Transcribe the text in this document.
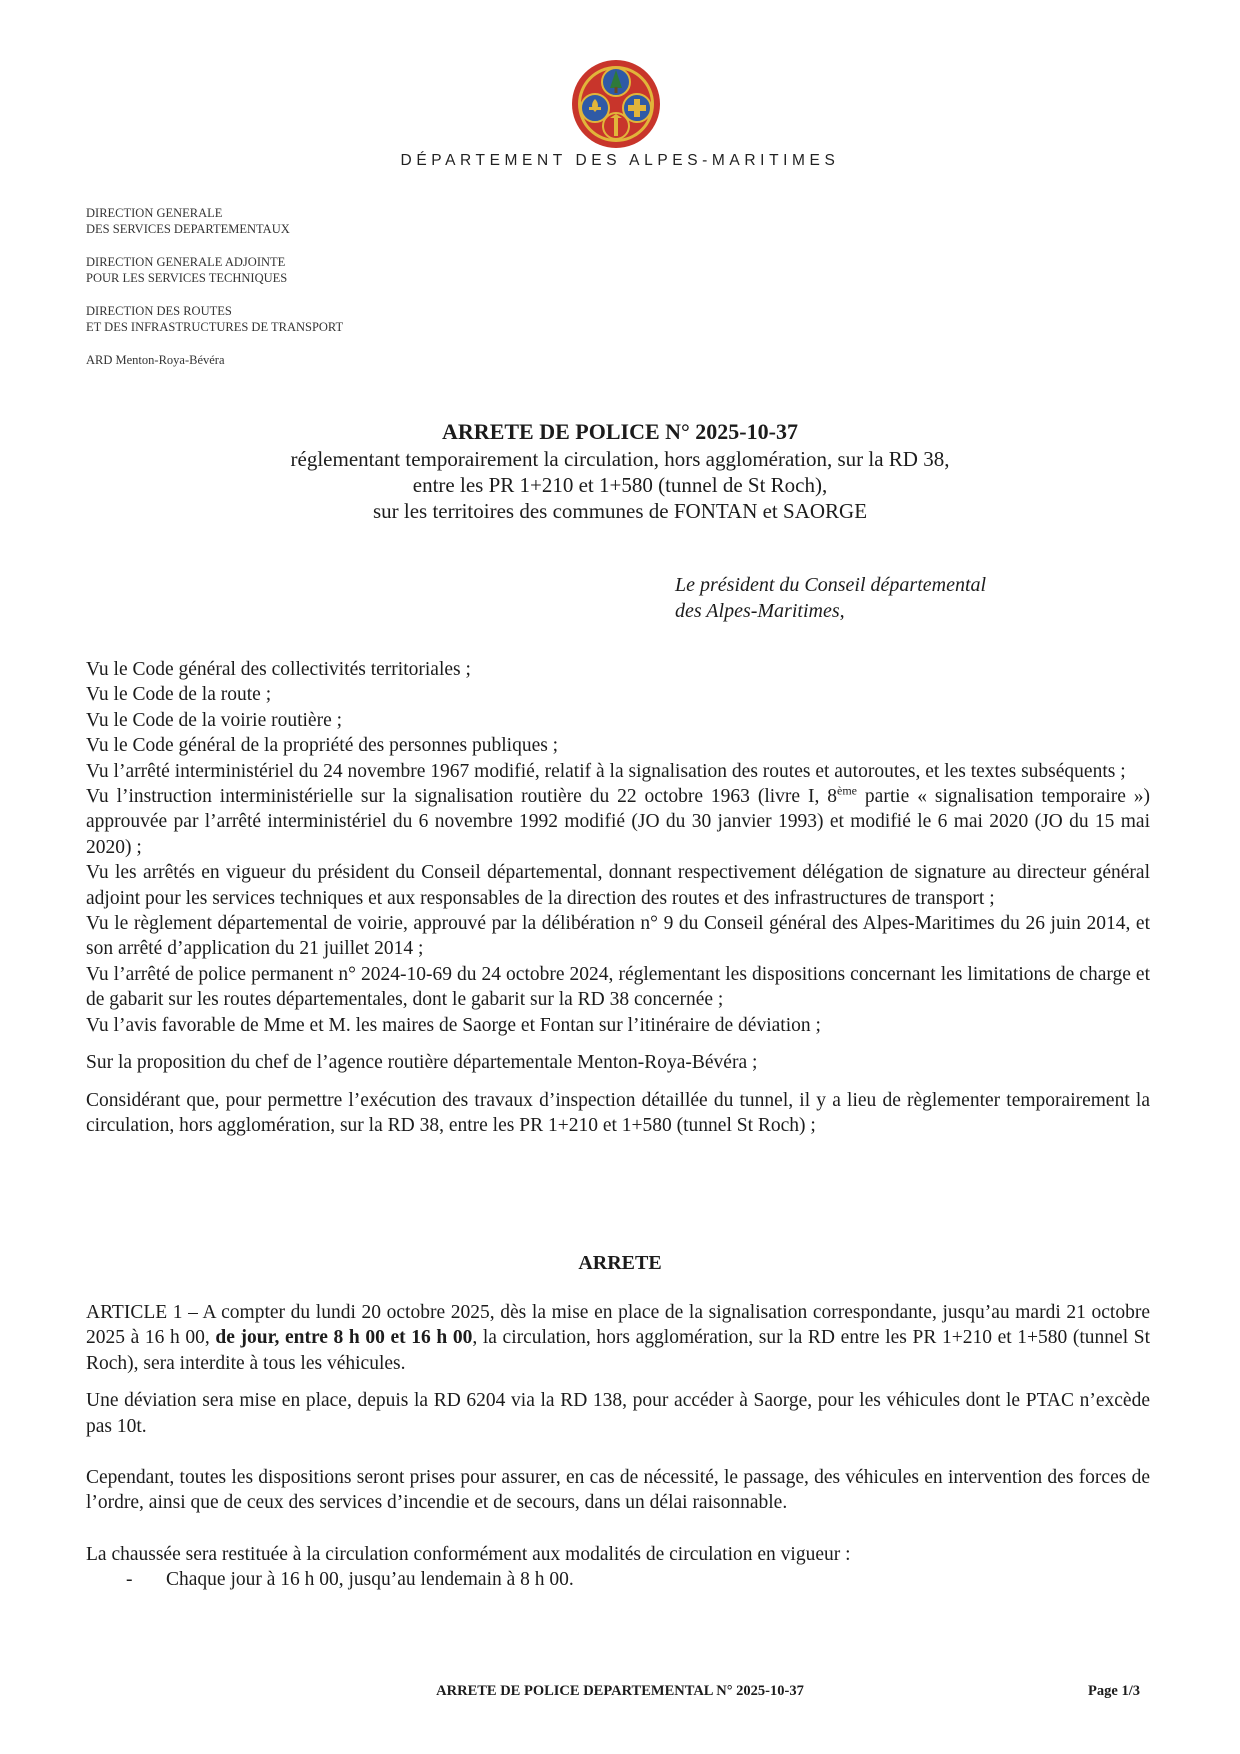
DÉPARTEMENT DES ALPES-MARITIMES
DIRECTION GENERALE
DES SERVICES DEPARTEMENTAUX
DIRECTION GENERALE ADJOINTE
POUR LES SERVICES TECHNIQUES
DIRECTION DES ROUTES
ET DES INFRASTRUCTURES DE TRANSPORT
ARD Menton-Roya-Bévéra
ARRETE DE POLICE N° 2025-10-37
réglementant temporairement la circulation, hors agglomération, sur la RD 38,
entre les PR 1+210 et 1+580 (tunnel de St Roch),
sur les territoires des communes de FONTAN et SAORGE
Le président du Conseil départemental
des Alpes-Maritimes,

Vu le Code général des collectivités territoriales ;

Vu le Code de la route ;

Vu le Code de la voirie routière ;

Vu le Code général de la propriété des personnes publiques ;

Vu l’arrêté interministériel du 24 novembre 1967 modifié, relatif à la signalisation des routes et autoroutes, et les textes subséquents ;

Vu l’instruction interministérielle sur la signalisation routière du 22 octobre 1963 (livre I, 8ème partie « signalisation temporaire ») approuvée par l’arrêté interministériel du 6 novembre 1992 modifié (JO du 30 janvier 1993) et modifié le 6 mai 2020 (JO du 15 mai 2020) ;

Vu les arrêtés en vigueur du président du Conseil départemental, donnant respectivement délégation de signature au directeur général adjoint pour les services techniques et aux responsables de la direction des routes et des infrastructures de transport ;

Vu le règlement départemental de voirie, approuvé par la délibération n° 9 du Conseil général des Alpes-Maritimes du 26 juin 2014, et son arrêté d’application du 21 juillet 2014 ;

Vu l’arrêté de police permanent n° 2024-10-69 du 24 octobre 2024, réglementant les dispositions concernant les limitations de charge et de gabarit sur les routes départementales, dont le gabarit sur la RD 38 concernée ;

Vu l’avis favorable de Mme et M. les maires de Saorge et Fontan sur l’itinéraire de déviation ;

Sur la proposition du chef de l’agence routière départementale Menton-Roya-Bévéra ;

Considérant que, pour permettre l’exécution des travaux d’inspection détaillée du tunnel, il y a lieu de règlementer temporairement la circulation, hors agglomération, sur la RD 38, entre les PR 1+210 et 1+580 (tunnel St Roch) ;

ARRETE

ARTICLE 1 – A compter du lundi 20 octobre 2025, dès la mise en place de la signalisation correspondante, jusqu’au mardi 21 octobre 2025 à 16 h 00, de jour, entre 8 h 00 et 16 h 00, la circulation, hors agglomération, sur la RD entre les PR 1+210 et 1+580 (tunnel St Roch), sera interdite à tous les véhicules.

Une déviation sera mise en place, depuis la RD 6204 via la RD 138, pour accéder à Saorge, pour les véhicules dont le PTAC n’excède pas 10t.

Cependant, toutes les dispositions seront prises pour assurer, en cas de nécessité, le passage, des véhicules en intervention des forces de l’ordre, ainsi que de ceux des services d’incendie et de secours, dans un délai raisonnable.

La chaussée sera restituée à la circulation conformément aux modalités de circulation en vigueur :

-	Chaque jour à 16 h 00, jusqu’au lendemain à 8 h 00.
ARRETE DE POLICE DEPARTEMENTAL N° 2025-10-37	Page 1/3
